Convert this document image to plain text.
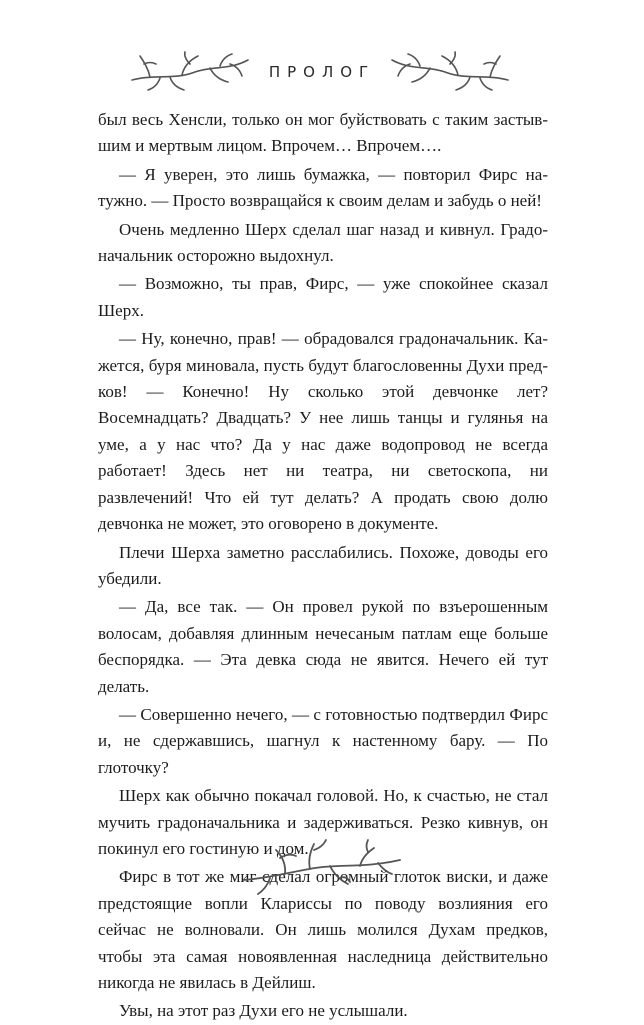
ПРОЛОГ

был весь Хенсли, только он мог буйствовать с таким застывшим и мертвым лицом. Впрочем… Впрочем….

— Я уверен, это лишь бумажка, — повторил Фирс натужно. — Просто возвращайся к своим делам и забудь о ней!

Очень медленно Шерх сделал шаг назад и кивнул. Градоначальник осторожно выдохнул.

— Возможно, ты прав, Фирс, — уже спокойнее сказал Шерх.

— Ну, конечно, прав! — обрадовался градоначальник. Кажется, буря миновала, пусть будут благословенны Духи предков! — Конечно! Ну сколько этой девчонке лет? Восемнадцать? Двадцать? У нее лишь танцы и гулянья на уме, а у нас что? Да у нас даже водопровод не всегда работает! Здесь нет ни театра, ни светоскопа, ни развлечений! Что ей тут делать? А продать свою долю девчонка не может, это оговорено в документе.

Плечи Шерха заметно расслабились. Похоже, доводы его убедили.

— Да, все так. — Он провел рукой по взъерошенным волосам, добавляя длинным нечесаным патлам еще больше беспорядка. — Эта девка сюда не явится. Нечего ей тут делать.

— Совершенно нечего, — с готовностью подтвердил Фирс и, не сдержавшись, шагнул к настенному бару. — По глоточку?

Шерх как обычно покачал головой. Но, к счастью, не стал мучить градоначальника и задерживаться. Резко кивнув, он покинул его гостиную и дом.

Фирс в тот же миг сделал огромный глоток виски, и даже предстоящие вопли Клариссы по поводу возлияния его сейчас не волновали. Он лишь молился Духам предков, чтобы эта самая новоявленная наследница действительно никогда не явилась в Дейлиш.

Увы, на этот раз Духи его не услышали.
